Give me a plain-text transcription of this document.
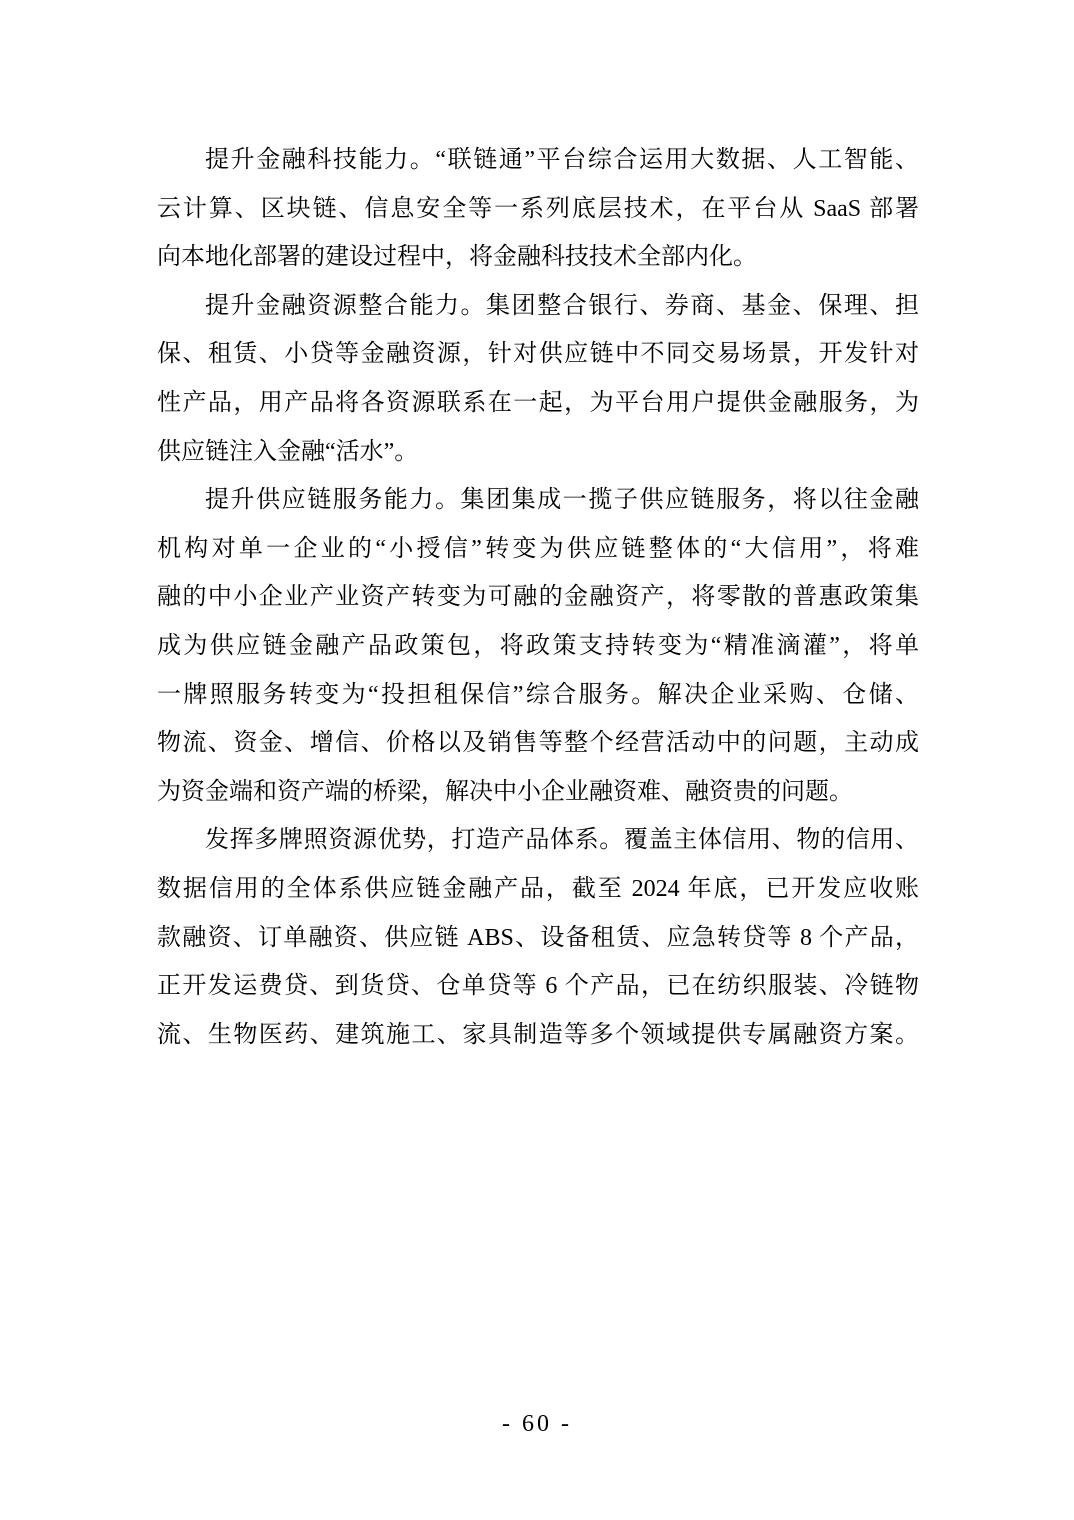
提升金融科技能力。“联链通”平台综合运用大数据、人工智能、
云计算、区块链、信息安全等一系列底层技术，在平台从 SaaS 部署
向本地化部署的建设过程中，将金融科技技术全部内化。

提升金融资源整合能力。集团整合银行、券商、基金、保理、担
保、租赁、小贷等金融资源，针对供应链中不同交易场景，开发针对
性产品，用产品将各资源联系在一起，为平台用户提供金融服务，为
供应链注入金融“活水”。

提升供应链服务能力。集团集成一揽子供应链服务，将以往金融
机构对单一企业的“小授信”转变为供应链整体的“大信用”，将难
融的中小企业产业资产转变为可融的金融资产，将零散的普惠政策集
成为供应链金融产品政策包，将政策支持转变为“精准滴灌”，将单
一牌照服务转变为“投担租保信”综合服务。解决企业采购、仓储、
物流、资金、增信、价格以及销售等整个经营活动中的问题，主动成
为资金端和资产端的桥梁，解决中小企业融资难、融资贵的问题。

发挥多牌照资源优势，打造产品体系。覆盖主体信用、物的信用、
数据信用的全体系供应链金融产品，截至 2024 年底，已开发应收账
款融资、订单融资、供应链 ABS、设备租赁、应急转贷等 8 个产品，
正开发运费贷、到货贷、仓单贷等 6 个产品，已在纺织服装、冷链物
流、生物医药、建筑施工、家具制造等多个领域提供专属融资方案。

- 60 -
